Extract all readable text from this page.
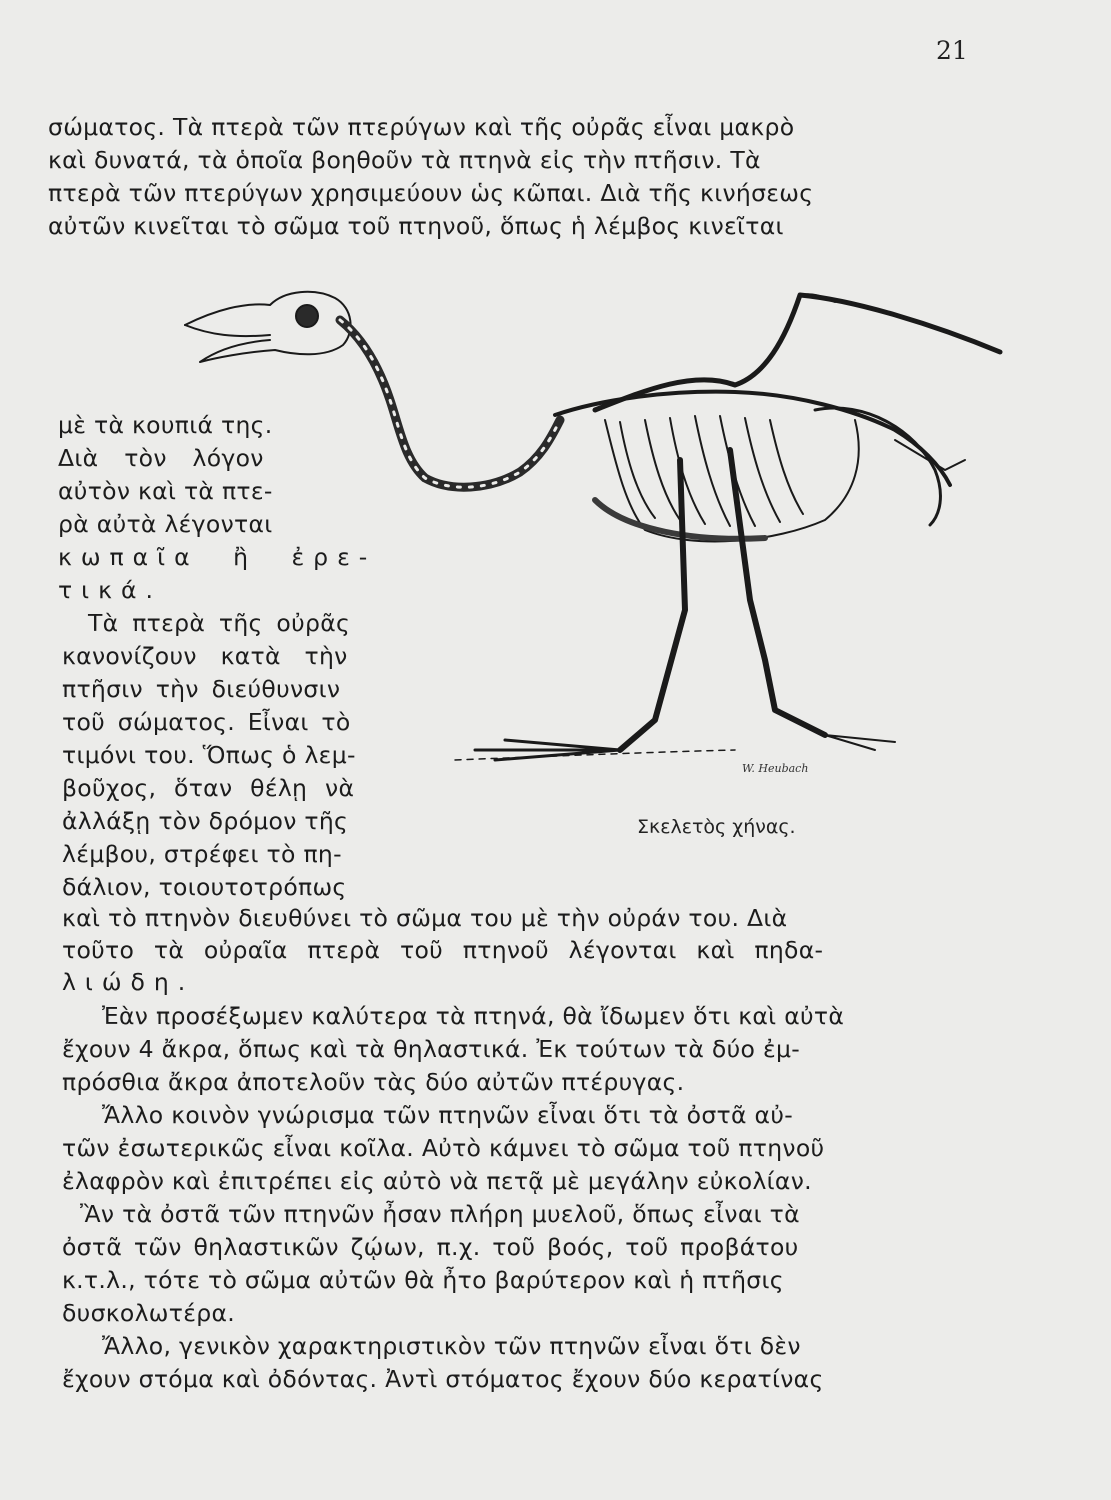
21
σώματος. Τὰ πτερὰ τῶν πτερύγων καὶ τῆς οὐρᾶς εἶναι μακρὸ
καὶ δυνατά, τὰ ὁποῖα βοηθοῦν τὰ πτηνὰ εἰς τὴν πτῆσιν. Τὰ
πτερὰ τῶν πτερύγων χρησιμεύουν ὡς κῶπαι. Διὰ τῆς κινήσεως
αὐτῶν κινεῖται τὸ σῶμα τοῦ πτηνοῦ, ὅπως ἡ λέμβος κινεῖται
W. Heubach
Σκελετὸς χήνας.
μὲ τὰ κουπιά της.
Διὰ τὸν λόγον
αὐτὸν καὶ τὰ πτε-
ρὰ αὐτὰ λέγονται
κωπαῖα ἢ ἐρε-
τικά.
Τὰ πτερὰ τῆς οὐρᾶς
κανονίζουν κατὰ τὴν
πτῆσιν τὴν διεύθυνσιν
τοῦ σώματος. Εἶναι τὸ
τιμόνι του. Ὅπως ὁ λεμ-
βοῦχος, ὅταν θέλῃ νὰ
ἀλλάξῃ τὸν δρόμον τῆς
λέμβου, στρέφει τὸ πη-
δάλιον, τοιουτοτρόπως
καὶ τὸ πτηνὸν διευθύνει τὸ σῶμα του μὲ τὴν οὐράν του. Διὰ
τοῦτο τὰ οὐραῖα πτερὰ τοῦ πτηνοῦ λέγονται καὶ πηδα-
λιώδη.
Ἐὰν προσέξωμεν καλύτερα τὰ πτηνά, θὰ ἴδωμεν ὅτι καὶ αὐτὰ
ἔχουν 4 ἄκρα, ὅπως καὶ τὰ θηλαστικά. Ἐκ τούτων τὰ δύο ἐμ-
πρόσθια ἄκρα ἀποτελοῦν τὰς δύο αὐτῶν πτέρυγας.
Ἄλλο κοινὸν γνώρισμα τῶν πτηνῶν εἶναι ὅτι τὰ ὀστᾶ αὐ-
τῶν ἐσωτερικῶς εἶναι κοῖλα. Αὐτὸ κάμνει τὸ σῶμα τοῦ πτηνοῦ
ἐλαφρὸν καὶ ἐπιτρέπει εἰς αὐτὸ νὰ πετᾷ μὲ μεγάλην εὐκολίαν.
Ἂν τὰ ὀστᾶ τῶν πτηνῶν ἦσαν πλήρη μυελοῦ, ὅπως εἶναι τὰ
ὀστᾶ τῶν θηλαστικῶν ζῴων, π.χ. τοῦ βοός, τοῦ προβάτου
κ.τ.λ., τότε τὸ σῶμα αὐτῶν θὰ ἦτο βαρύτερον καὶ ἡ πτῆσις
δυσκολωτέρα.
Ἄλλο, γενικὸν χαρακτηριστικὸν τῶν πτηνῶν εἶναι ὅτι δὲν
ἔχουν στόμα καὶ ὀδόντας. Ἀντὶ στόματος ἔχουν δύο κερατίνας
